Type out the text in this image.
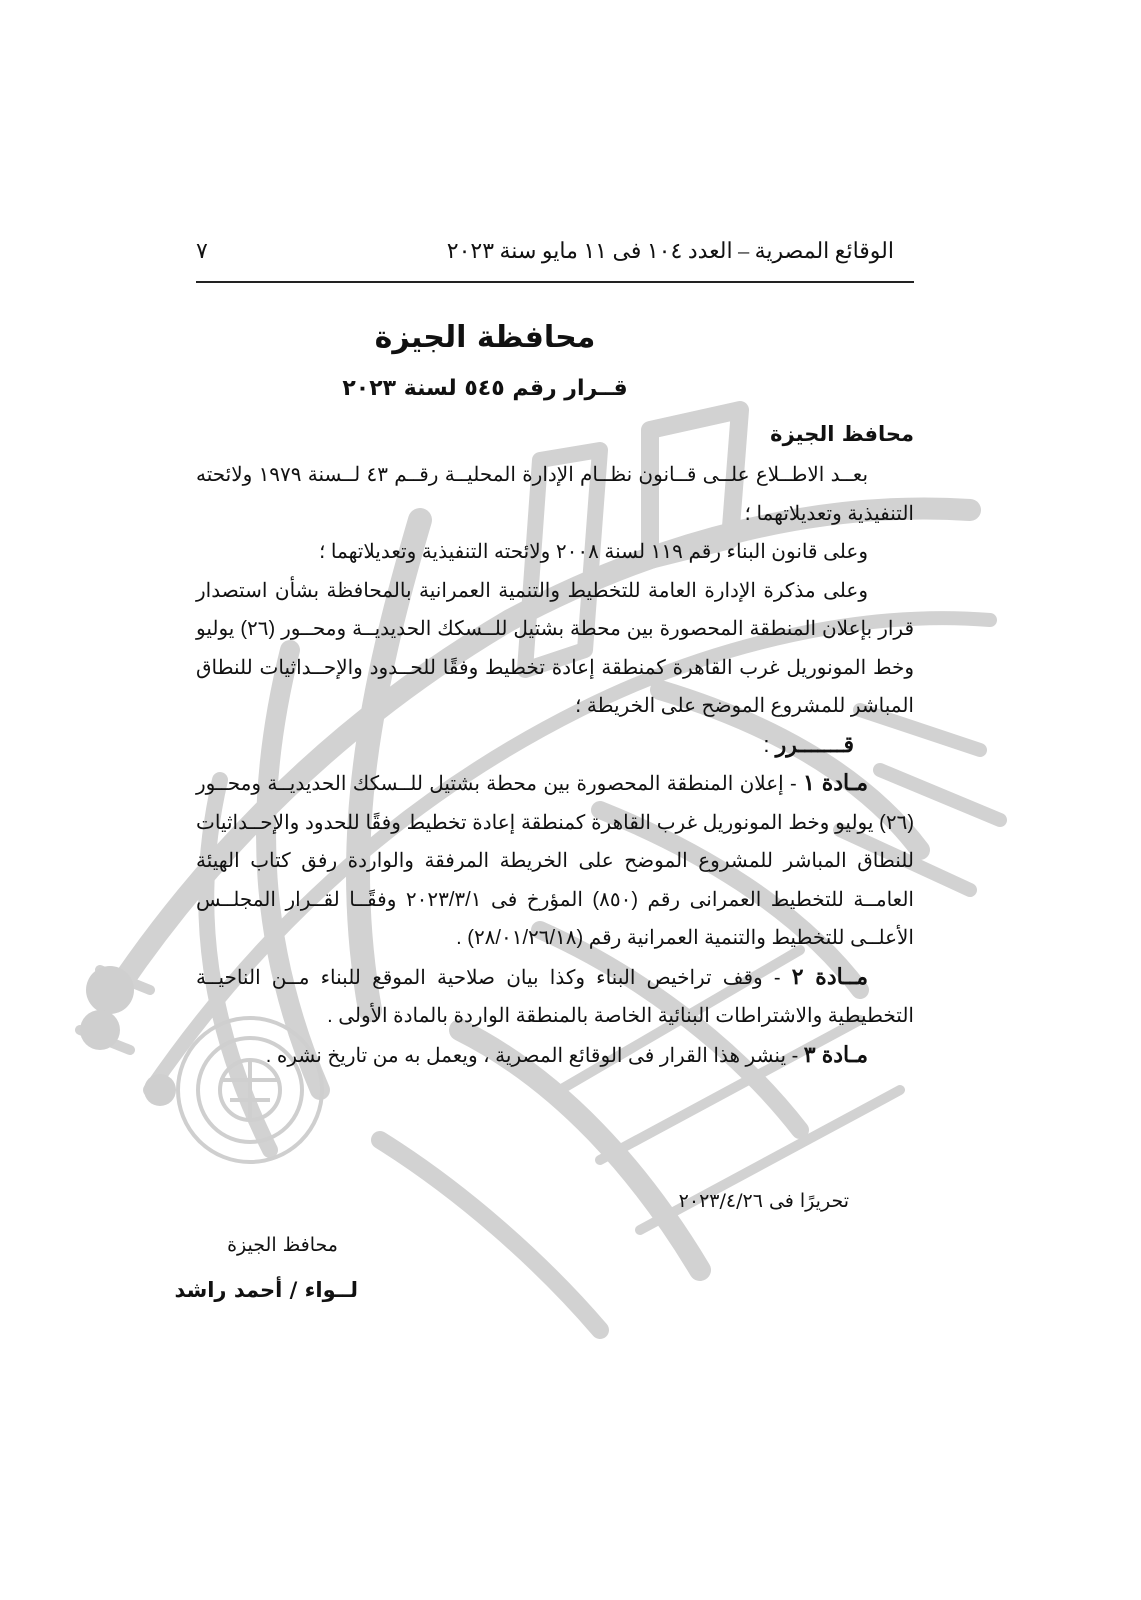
الوقائع المصرية – العدد ١٠٤ فى ١١ مايو سنة ٢٠٢٣
٧
محافظة الجيزة
قــرار رقم ٥٤٥ لسنة ٢٠٢٣
محافظ الجيزة

بعــد الاطــلاع علــى قــانون نظــام الإدارة المحليــة رقــم ٤٣ لــسنة ١٩٧٩ ولائحته التنفيذية وتعديلاتهما ؛

وعلى قانون البناء رقم ١١٩ لسنة ٢٠٠٨ ولائحته التنفيذية وتعديلاتهما ؛

وعلى مذكرة الإدارة العامة للتخطيط والتنمية العمرانية بالمحافظة بشأن استصدار قرار بإعلان المنطقة المحصورة بين محطة بشتيل للــسكك الحديديــة ومحــور (٢٦) يوليو وخط المونوريل غرب القاهرة كمنطقة إعادة تخطيط وفقًا للحــدود والإحــداثيات للنطاق المباشر للمشروع الموضح على الخريطة ؛

قـــــــرر :

مـادة ١ - إعلان المنطقة المحصورة بين محطة بشتيل للــسكك الحديديــة ومحــور (٢٦) يوليو وخط المونوريل غرب القاهرة كمنطقة إعادة تخطيط وفقًا للحدود والإحــداثيات للنطاق المباشر للمشروع الموضح على الخريطة المرفقة والواردة رفق كتاب الهيئة العامــة للتخطيط العمرانى رقم (٨٥٠) المؤرخ فى ٢٠٢٣/٣/١ وفقًــا لقــرار المجلــس الأعلــى للتخطيط والتنمية العمرانية رقم (٢٨/٠١/٢٦/١٨) .

مــادة ٢ - وقف تراخيص البناء وكذا بيان صلاحية الموقع للبناء مــن الناحيــة التخطيطية والاشتراطات البنائية الخاصة بالمنطقة الواردة بالمادة الأولى .

مـادة ٣ - ينشر هذا القرار فى الوقائع المصرية ، ويعمل به من تاريخ نشره .

تحريرًا فى ٢٠٢٣/٤/٢٦
محافظ الجيزة
لــواء / أحمد راشد
